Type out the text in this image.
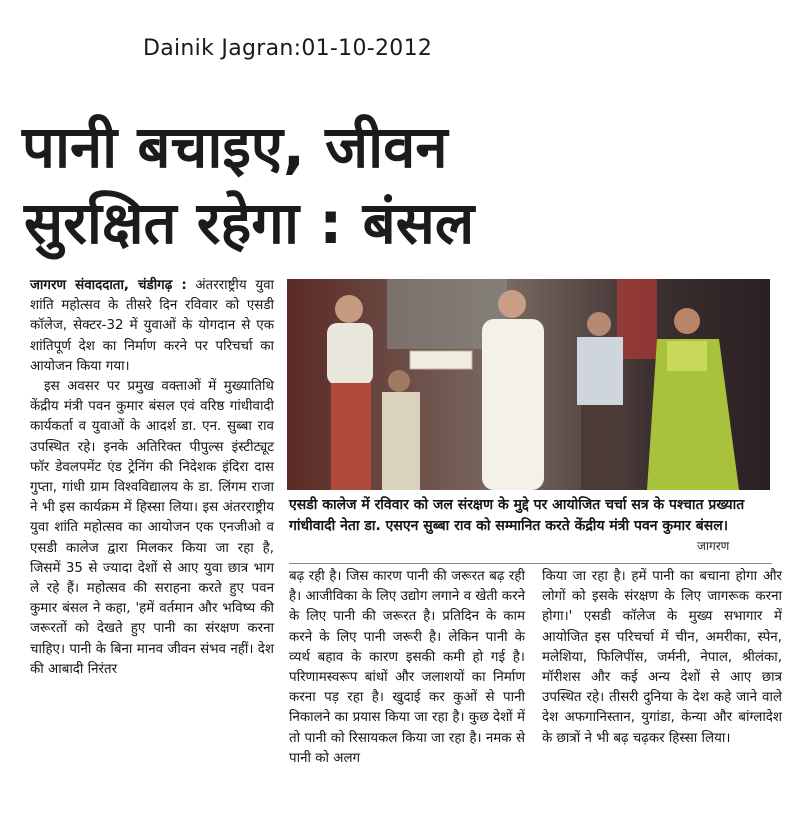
Dainik Jagran:01-10-2012
पानी बचाइए, जीवन
सुरक्षित रहेगा : बंसल

जागरण संवाददाता, चंडीगढ़ : अंतरराष्ट्रीय युवा शांति महोत्सव के तीसरे दिन रविवार को एसडी कॉलेज, सेक्टर-32 में युवाओं के योगदान से एक शांतिपूर्ण देश का निर्माण करने पर परिचर्चा का आयोजन किया गया।

इस अवसर पर प्रमुख वक्ताओं में मुख्यातिथि केंद्रीय मंत्री पवन कुमार बंसल एवं वरिष्ठ गांधीवादी कार्यकर्ता व युवाओं के आदर्श डा. एन. सुब्बा राव उपस्थित रहे। इनके अतिरिक्त पीपुल्स इंस्टीट्यूट फॉर डेवलपमेंट एंड ट्रेनिंग की निदेशक इंदिरा दास गुप्ता, गांधी ग्राम विश्वविद्यालय के डा. लिंगम राजा ने भी इस कार्यक्रम में हिस्सा लिया। इस अंतरराष्ट्रीय युवा शांति महोत्सव का आयोजन एक एनजीओ व एसडी कालेज द्वारा मिलकर किया जा रहा है, जिसमें 35 से ज्यादा देशों से आए युवा छात्र भाग ले रहे हैं। महोत्सव की सराहना करते हुए पवन कुमार बंसल ने कहा, 'हमें वर्तमान और भविष्य की जरूरतों को देखते हुए पानी का संरक्षण करना चाहिए। पानी के बिना मानव जीवन संभव नहीं। देश की आबादी निरंतर

एसडी कालेज में रविवार को जल संरक्षण के मुद्दे पर आयोजित चर्चा सत्र के पश्चात प्रख्यात गांधीवादी नेता डा. एसएन सुब्बा राव को सम्मानित करते केंद्रीय मंत्री पवन कुमार बंसल।
जागरण

बढ़ रही है। जिस कारण पानी की जरूरत बढ़ रही है। आजीविका के लिए उद्योग लगाने व खेती करने के लिए पानी की जरूरत है। प्रतिदिन के काम करने के लिए पानी जरूरी है। लेकिन पानी के व्यर्थ बहाव के कारण इसकी कमी हो गई है। परिणामस्वरूप बांधों और जलाशयों का निर्माण करना पड़ रहा है। खुदाई कर कुओं से पानी निकालने का प्रयास किया जा रहा है। कुछ देशों में तो पानी को रिसायकल किया जा रहा है। नमक से पानी को अलग

किया जा रहा है। हमें पानी का बचाना होगा और लोगों को इसके संरक्षण के लिए जागरूक करना होगा।' एसडी कॉलेज के मुख्य सभागार में आयोजित इस परिचर्चा में चीन, अमरीका, स्पेन, मलेशिया, फिलिपींस, जर्मनी, नेपाल, श्रीलंका, मॉरीशस और कई अन्य देशों से आए छात्र उपस्थित रहे। तीसरी दुनिया के देश कहे जाने वाले देश अफगानिस्तान, युगांडा, केन्या और बांग्लादेश के छात्रों ने भी बढ़ चढ़कर हिस्सा लिया।
